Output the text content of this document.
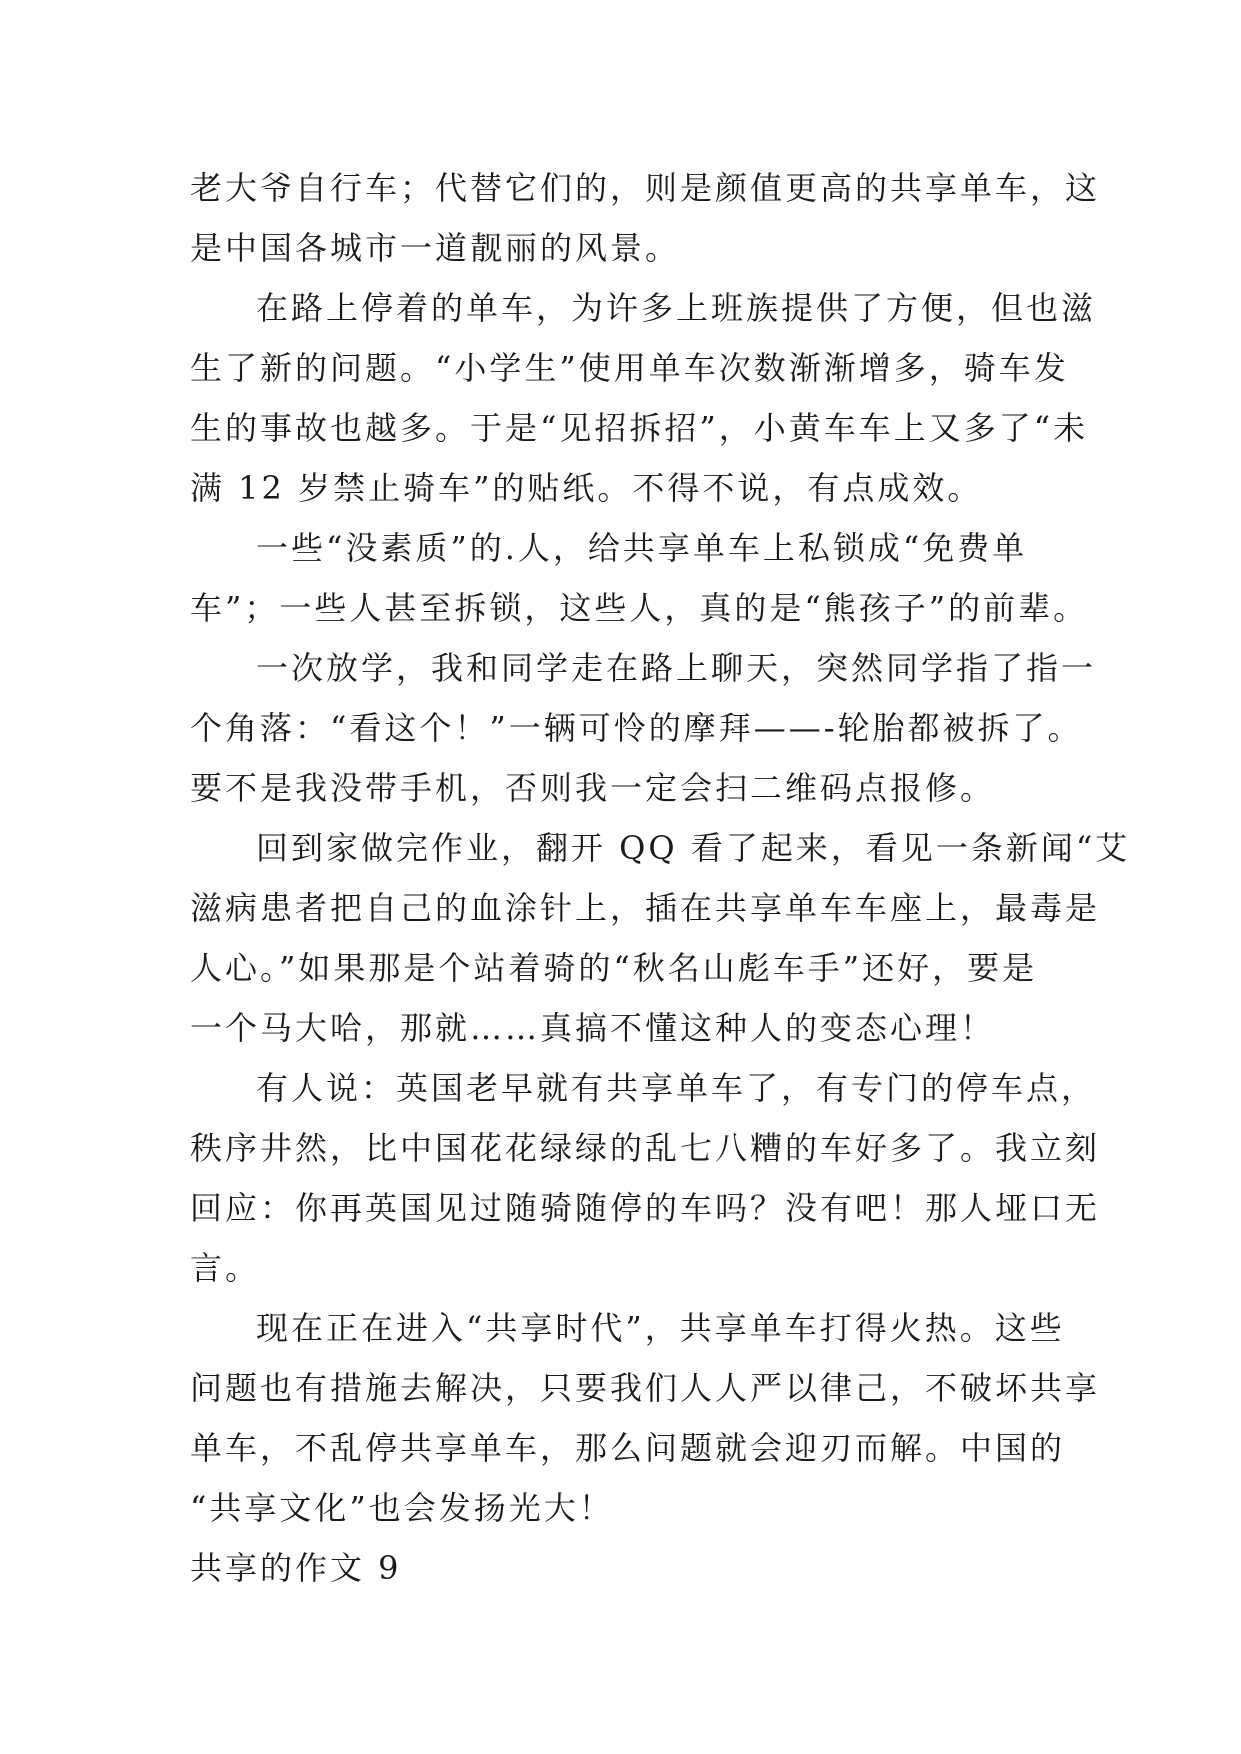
老大爷自行车；代替它们的，则是颜值更高的共享单车，这
是中国各城市一道靓丽的风景。
在路上停着的单车，为许多上班族提供了方便，但也滋
生了新的问题。“小学生”使用单车次数渐渐增多，骑车发
生的事故也越多。于是“见招拆招”，小黄车车上又多了“未
满 12 岁禁止骑车”的贴纸。不得不说，有点成效。
一些“没素质”的.人，给共享单车上私锁成“免费单
车”；一些人甚至拆锁，这些人，真的是“熊孩子”的前辈。
一次放学，我和同学走在路上聊天，突然同学指了指一
个角落：“看这个！”一辆可怜的摩拜——-轮胎都被拆了。
要不是我没带手机，否则我一定会扫二维码点报修。
回到家做完作业，翻开 QQ 看了起来，看见一条新闻“艾
滋病患者把自己的血涂针上，插在共享单车车座上，最毒是
人心。”如果那是个站着骑的“秋名山彪车手”还好，要是
一个马大哈，那就……真搞不懂这种人的变态心理！
有人说：英国老早就有共享单车了，有专门的停车点，
秩序井然，比中国花花绿绿的乱七八糟的车好多了。我立刻
回应：你再英国见过随骑随停的车吗？没有吧！那人垭口无
言。
现在正在进入“共享时代”，共享单车打得火热。这些
问题也有措施去解决，只要我们人人严以律己，不破坏共享
单车，不乱停共享单车，那么问题就会迎刃而解。中国的
“共享文化”也会发扬光大！
共享的作文 9
